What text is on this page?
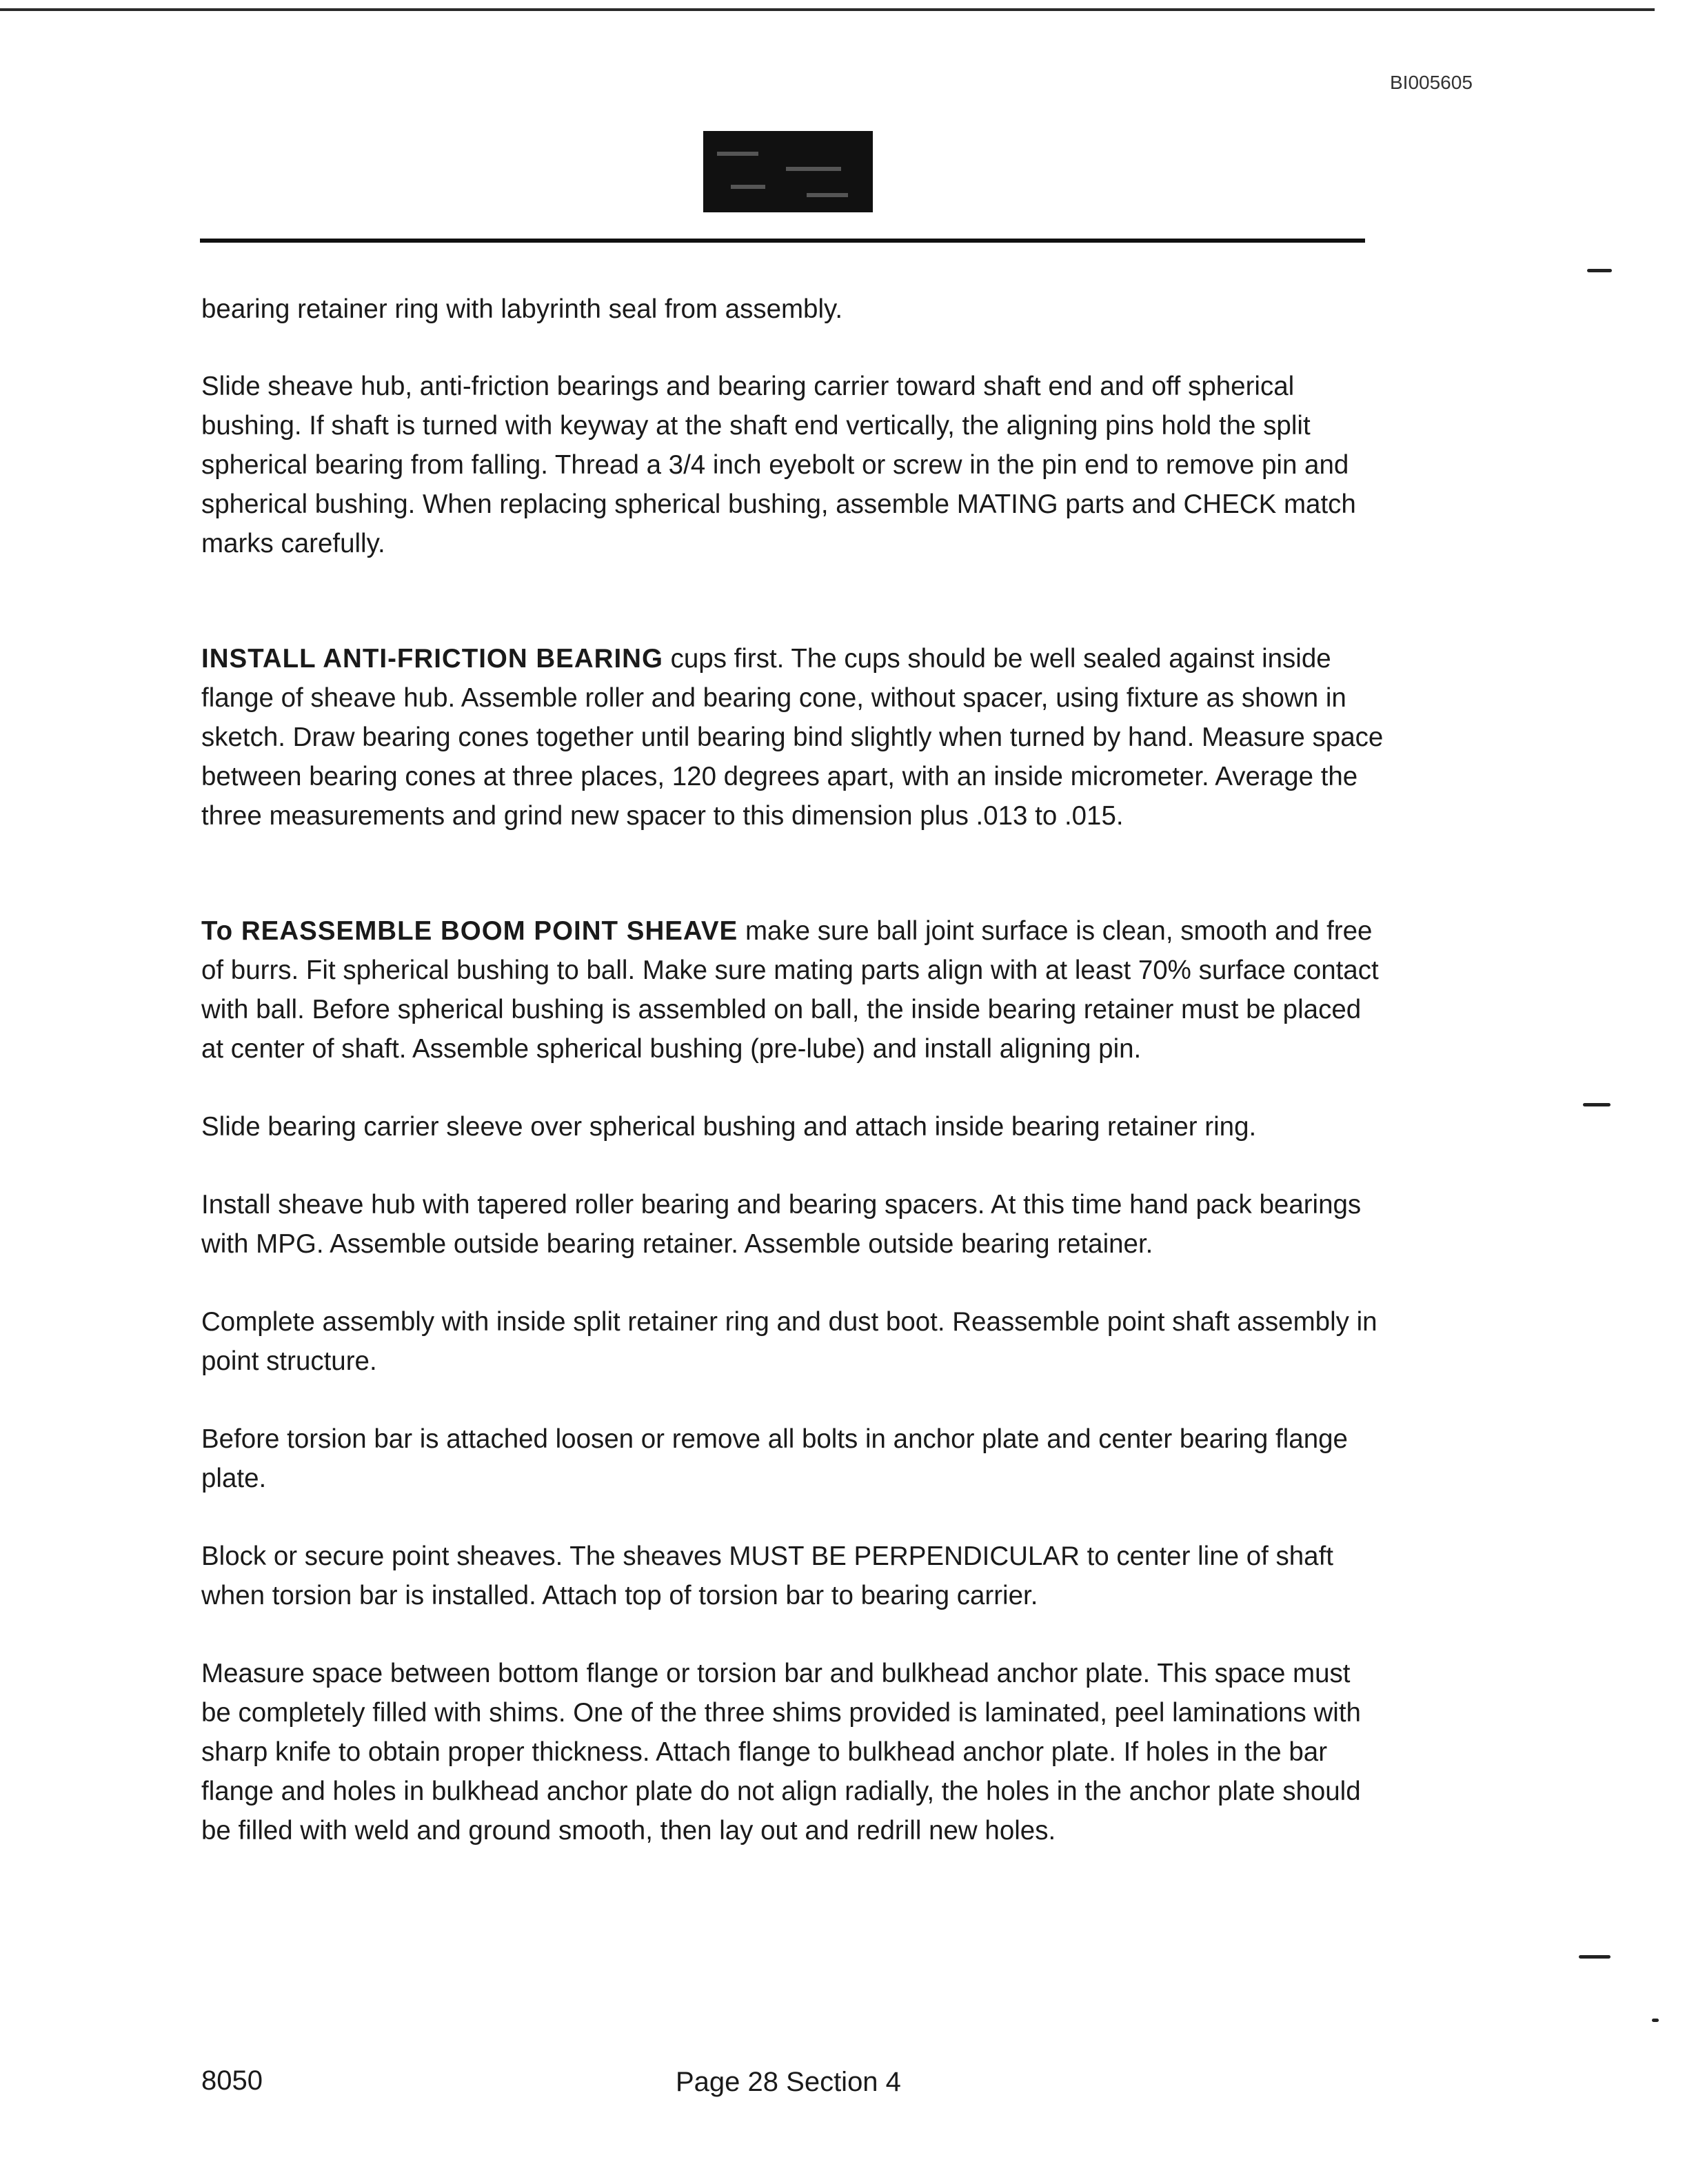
BI005605

bearing retainer ring with labyrinth seal from assembly.

Slide sheave hub, anti-friction bearings and bearing carrier toward shaft end and off spherical bushing. If shaft is turned with keyway at the shaft end vertically, the aligning pins hold the split spherical bearing from falling. Thread a 3/4 inch eyebolt or screw in the pin end to remove pin and spherical bushing. When replacing spherical bushing, assemble MATING parts and CHECK match marks carefully.

INSTALL ANTI-FRICTION BEARING cups first. The cups should be well sealed against inside flange of sheave hub. Assemble roller and bearing cone, without spacer, using fixture as shown in sketch. Draw bearing cones together until bearing bind slightly when turned by hand. Measure space between bearing cones at three places, 120 degrees apart, with an inside micrometer. Average the three measurements and grind new spacer to this dimension plus .013 to .015.

To REASSEMBLE BOOM POINT SHEAVE make sure ball joint surface is clean, smooth and free of burrs. Fit spherical bushing to ball. Make sure mating parts align with at least 70% surface contact with ball. Before spherical bushing is assembled on ball, the inside bearing retainer must be placed at center of shaft. Assemble spherical bushing (pre-lube) and install aligning pin.

Slide bearing carrier sleeve over spherical bushing and attach inside bearing retainer ring.

Install sheave hub with tapered roller bearing and bearing spacers. At this time hand pack bearings with MPG. Assemble outside bearing retainer. Assemble outside bearing retainer.

Complete assembly with inside split retainer ring and dust boot. Reassemble point shaft assembly in point structure.

Before torsion bar is attached loosen or remove all bolts in anchor plate and center bearing flange plate.

Block or secure point sheaves. The sheaves MUST BE PERPENDICULAR to center line of shaft when torsion bar is installed. Attach top of torsion bar to bearing carrier.

Measure space between bottom flange or torsion bar and bulkhead anchor plate. This space must be completely filled with shims. One of the three shims provided is laminated, peel laminations with sharp knife to obtain proper thickness. Attach flange to bulkhead anchor plate. If holes in the bar flange and holes in bulkhead anchor plate do not align radially, the holes in the anchor plate should be filled with weld and ground smooth, then lay out and redrill new holes.

8050	Page 28 Section 4
